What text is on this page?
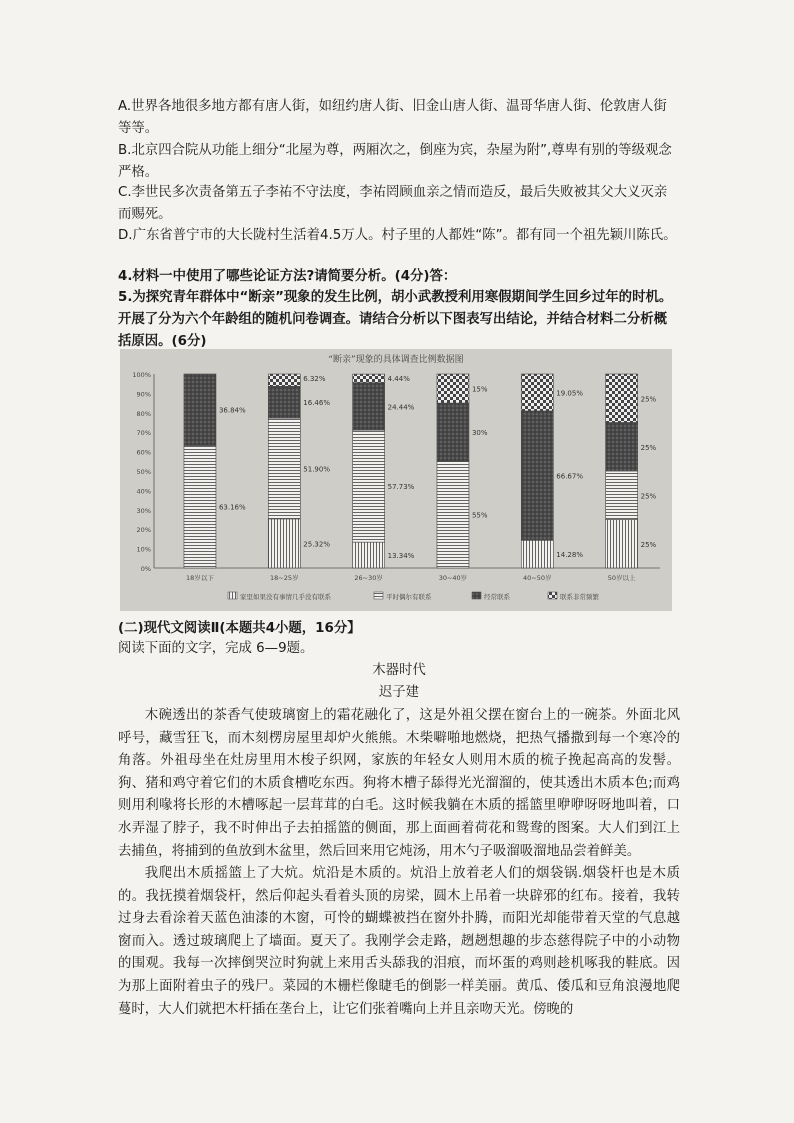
A.世界各地很多地方都有唐人街，如纽约唐人街、旧金山唐人街、温哥华唐人街、伦敦唐人街等等。

B.北京四合院从功能上细分“北屋为尊，两厢次之，倒座为宾，杂屋为附”,尊卑有别的等级观念严格。

C.李世民多次责备第五子李祐不守法度，李祐罔顾血亲之情而造反，最后失败被其父大义灭亲而赐死。

D.广东省普宁市的大长陇村生活着4.5万人。村子里的人都姓“陈”。都有同一个祖先颖川陈氏。

4.材料一中使用了哪些论证方法?请简要分析。(4分)答：

5.为探究青年群体中“断亲”现象的发生比例，胡小武教授利用寒假期间学生回乡过年的时机。开展了分为六个年龄组的随机问卷调查。请结合分析以下图表写出结论，并结合材料二分析概括原因。(6分)

“断亲”现象的具体调查比例数据图
0%
10%
20%
30%
40%
50%
60%
70%
80%
90%
100%
63.16%
36.84%
18岁以下
25.32%
51.90%
16.46%
6.32%
18~25岁
13.34%
57.73%
24.44%
4.44%
26~30岁
55%
30%
15%
30~40岁
14.28%
66.67%
19.05%
40~50岁
25%
25%
25%
25%
50岁以上
家里如果没有事情几乎没有联系	平时偶尔有联系	经常联系	联系非常频繁

(二)现代文阅读Ⅱ(本题共4小题，16分】

阅读下面的文字，完成 6—9题。

木器时代

迟子建

木碗透出的茶香气使玻璃窗上的霜花融化了，这是外祖父摆在窗台上的一碗茶。外面北风呼号，藏雪狂飞，而木刻楞房屋里却炉火熊熊。木柴噼啪地燃烧，把热气播撒到每一个寒冷的角落。外祖母坐在灶房里用木梭子织网，家族的年轻女人则用木质的梳子挽起高高的发髻。狗、猪和鸡守着它们的木质食槽吃东西。狗将木槽子舔得光光溜溜的，使其透出木质本色;而鸡则用利喙将长形的木槽啄起一层茸茸的白毛。这时候我躺在木质的摇篮里咿咿呀呀地叫着，口水弄湿了脖子，我不时伸出子去拍摇篮的侧面，那上面画着荷花和鸳鸯的图案。大人们到江上去捕鱼，将捕到的鱼放到木盆里，然后回来用它炖汤，用木勺子吸溜吸溜地品尝着鲜美。

我爬出木质摇篮上了大炕。炕沿是木质的。炕沿上放着老人们的烟袋锅.烟袋杆也是木质的。我抚摸着烟袋杆，然后仰起头看着头顶的房梁，圆木上吊着一块辟邪的红布。接着，我转过身去看涂着天蓝色油漆的木窗，可怜的蝴蝶被挡在窗外扑腾，而阳光却能带着天堂的气息越窗而入。透过玻璃爬上了墙面。夏天了。我刚学会走路，趔趔想趣的步态慈得院子中的小动物的围观。我每一次摔倒哭泣时狗就上来用舌头舔我的泪痕，而坏蛋的鸡则趁机啄我的鞋底。因为那上面附着虫子的残尸。菜园的木栅栏像睫毛的倒影一样美丽。黄瓜、倭瓜和豆角浪漫地爬蔓时，大人们就把木杆插在垄台上，让它们张着嘴向上并且亲吻天光。傍晚的
